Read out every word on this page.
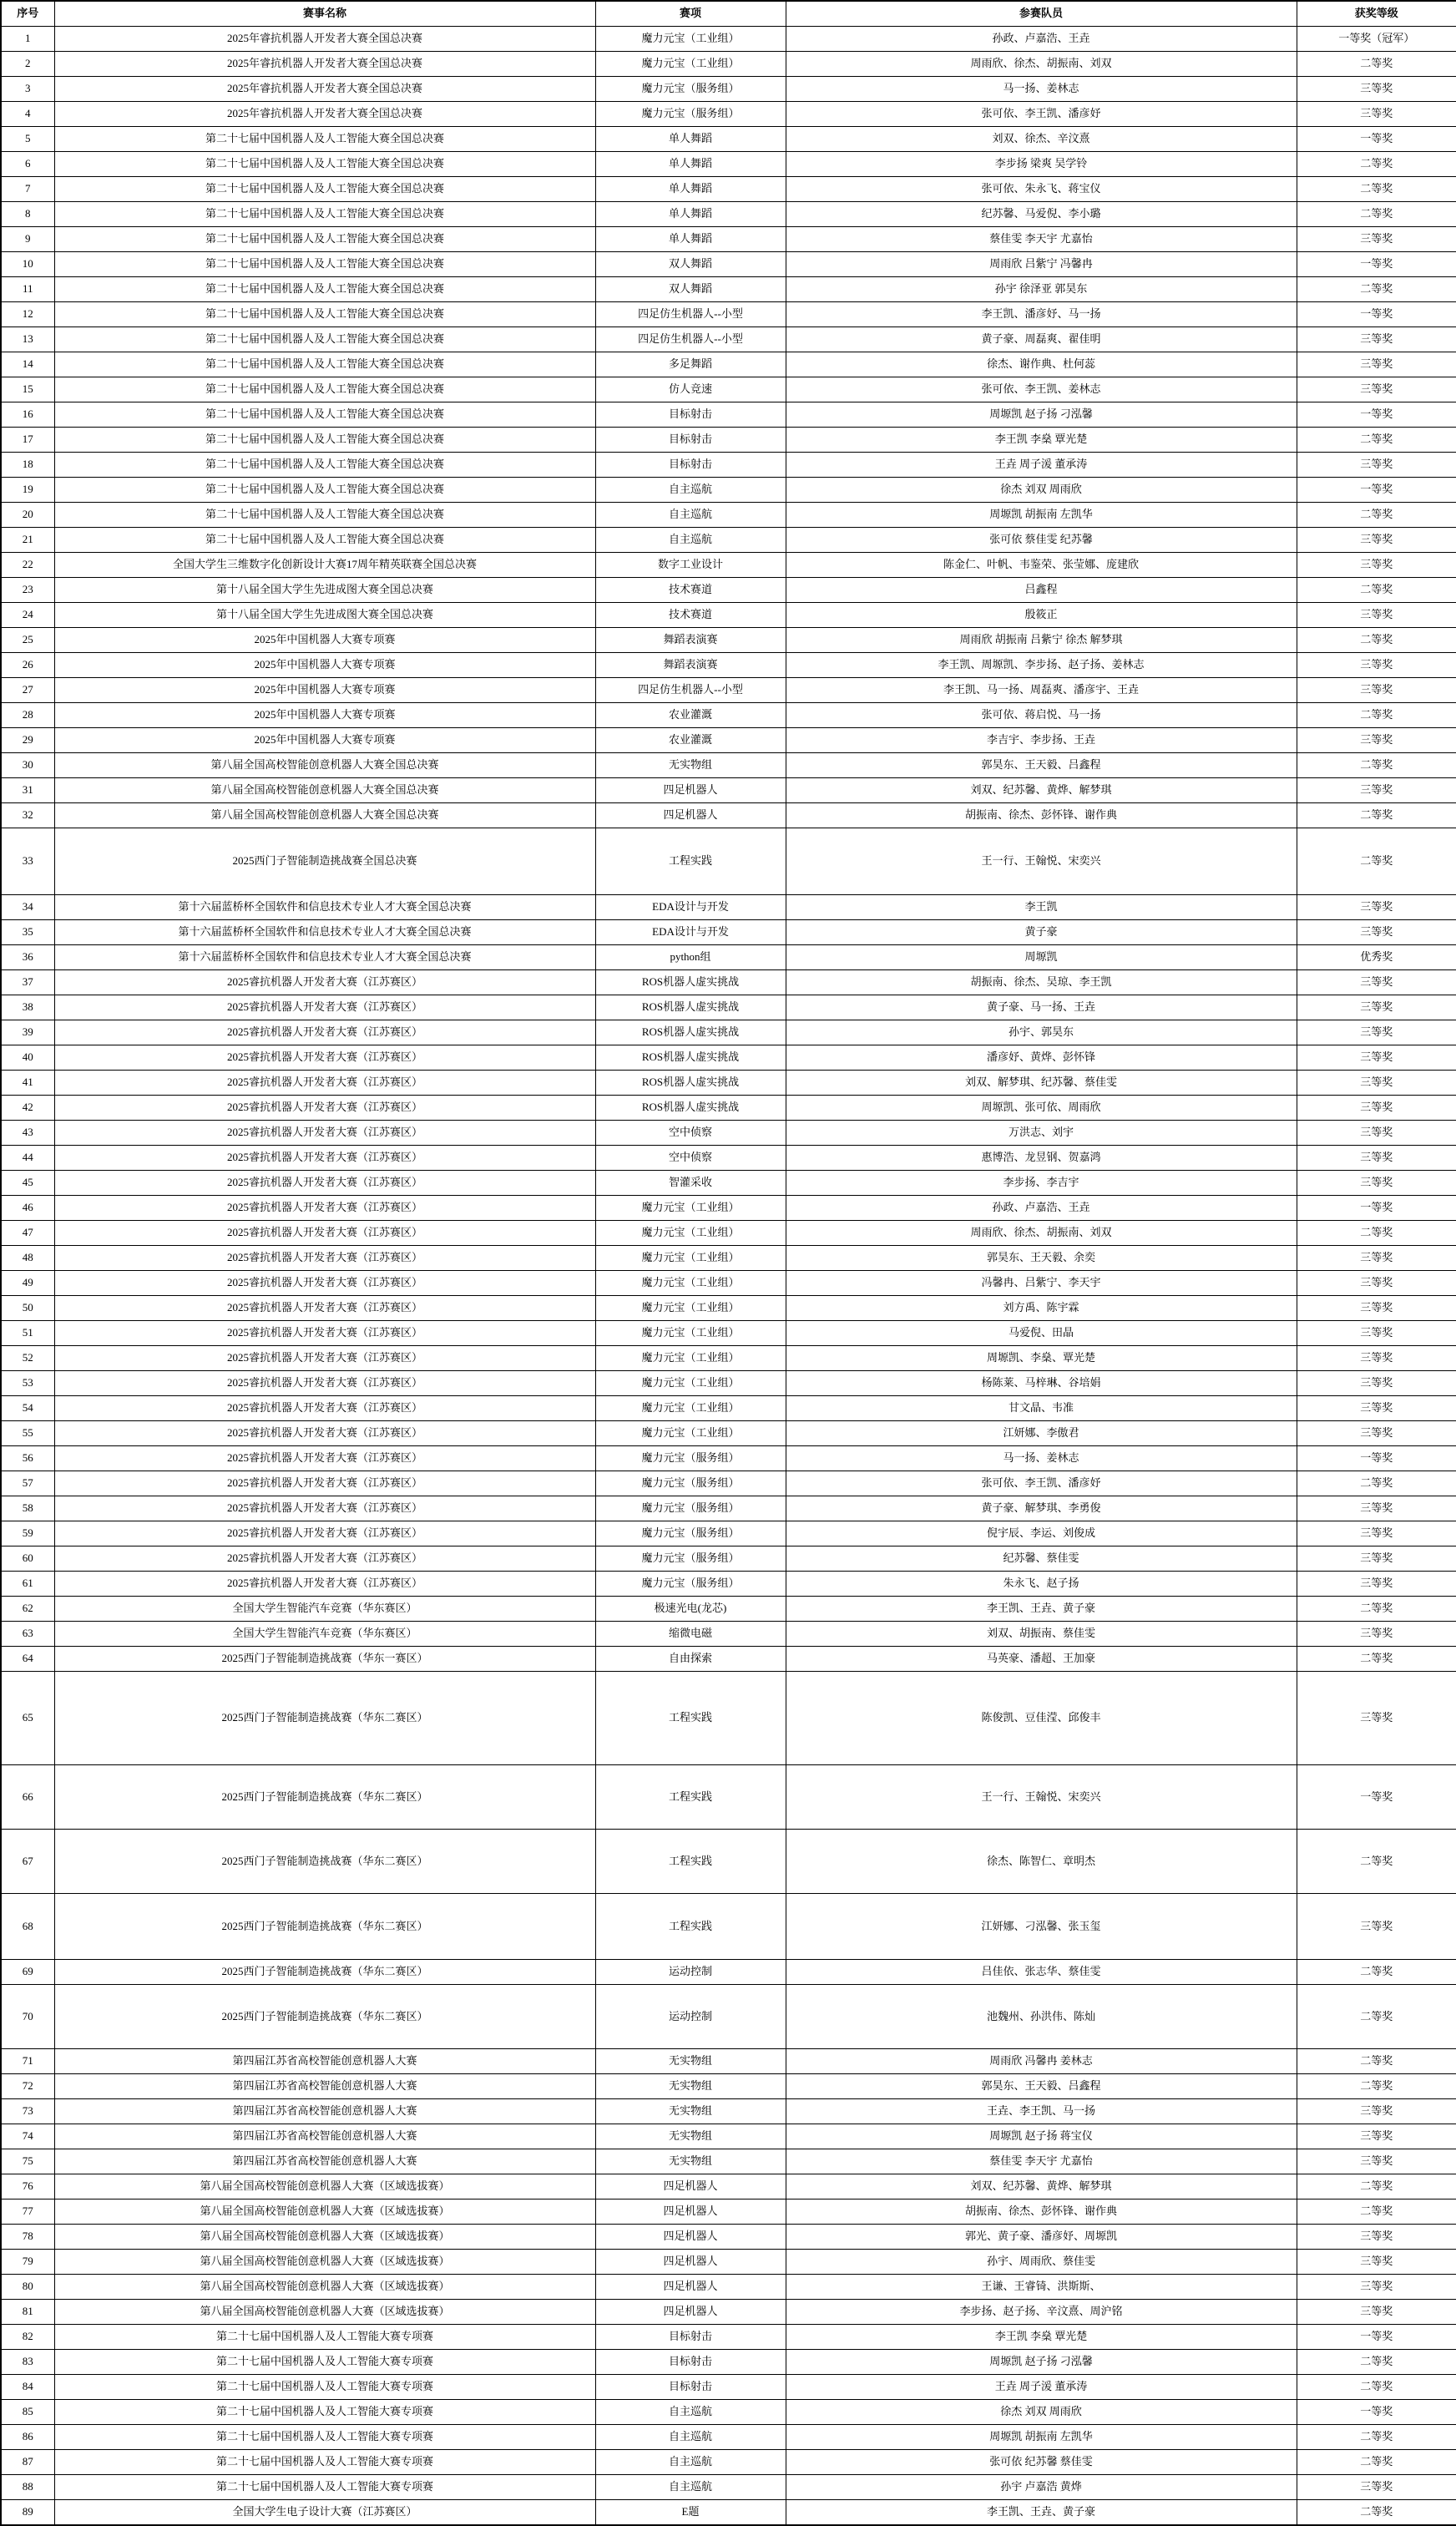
序号	赛事名称	赛项	参赛队员	获奖等级
1	2025年睿抗机器人开发者大赛全国总决赛	魔力元宝（工业组）	孙政、卢嘉浩、王垚	一等奖（冠军）
2	2025年睿抗机器人开发者大赛全国总决赛	魔力元宝（工业组）	周雨欣、徐杰、胡振南、刘双	二等奖
3	2025年睿抗机器人开发者大赛全国总决赛	魔力元宝（服务组）	马一扬、姜林志	三等奖
4	2025年睿抗机器人开发者大赛全国总决赛	魔力元宝（服务组）	张可依、李王凯、潘彦妤	三等奖
5	第二十七届中国机器人及人工智能大赛全国总决赛	单人舞蹈	刘双、徐杰、辛汶熹	一等奖
6	第二十七届中国机器人及人工智能大赛全国总决赛	单人舞蹈	李步扬 梁爽 吴学铃	二等奖
7	第二十七届中国机器人及人工智能大赛全国总决赛	单人舞蹈	张可依、朱永飞、蒋宝仪	二等奖
8	第二十七届中国机器人及人工智能大赛全国总决赛	单人舞蹈	纪苏馨、马爱倪、李小璐	二等奖
9	第二十七届中国机器人及人工智能大赛全国总决赛	单人舞蹈	蔡佳雯 李天宇 尤嘉怡	三等奖
10	第二十七届中国机器人及人工智能大赛全国总决赛	双人舞蹈	周雨欣 吕紫宁 冯馨冉	一等奖
11	第二十七届中国机器人及人工智能大赛全国总决赛	双人舞蹈	孙宇 徐泽亚 郭昊东	二等奖
12	第二十七届中国机器人及人工智能大赛全国总决赛	四足仿生机器人--小型	李王凯、潘彦妤、马一扬	一等奖
13	第二十七届中国机器人及人工智能大赛全国总决赛	四足仿生机器人--小型	黄子豪、周磊爽、翟佳明	三等奖
14	第二十七届中国机器人及人工智能大赛全国总决赛	多足舞蹈	徐杰、谢作典、杜何蕊	三等奖
15	第二十七届中国机器人及人工智能大赛全国总决赛	仿人竞速	张可依、李王凯、姜林志	三等奖
16	第二十七届中国机器人及人工智能大赛全国总决赛	目标射击	周塬凯 赵子扬 刁泓馨	一等奖
17	第二十七届中国机器人及人工智能大赛全国总决赛	目标射击	李王凯 李燊 覃光楚	二等奖
18	第二十七届中国机器人及人工智能大赛全国总决赛	目标射击	王垚 周子湲 董承涛	三等奖
19	第二十七届中国机器人及人工智能大赛全国总决赛	自主巡航	徐杰 刘双 周雨欣	一等奖
20	第二十七届中国机器人及人工智能大赛全国总决赛	自主巡航	周塬凯 胡振南 左凯华	二等奖
21	第二十七届中国机器人及人工智能大赛全国总决赛	自主巡航	张可依 蔡佳雯 纪苏馨	三等奖
22	全国大学生三维数字化创新设计大赛17周年精英联赛全国总决赛	数字工业设计	陈金仁、叶帆、韦鉴荣、张莹娜、庞建欣	三等奖
23	第十八届全国大学生先进成图大赛全国总决赛	技术赛道	吕鑫程	二等奖
24	第十八届全国大学生先进成图大赛全国总决赛	技术赛道	殷筱正	三等奖
25	2025年中国机器人大赛专项赛	舞蹈表演赛	周雨欣 胡振南 吕紫宁 徐杰 解梦琪	二等奖
26	2025年中国机器人大赛专项赛	舞蹈表演赛	李王凯、周塬凯、李步扬、赵子扬、姜林志	三等奖
27	2025年中国机器人大赛专项赛	四足仿生机器人--小型	李王凯、马一扬、周磊爽、潘彦宇、王垚	三等奖
28	2025年中国机器人大赛专项赛	农业灌溉	张可依、蒋启悦、马一扬	二等奖
29	2025年中国机器人大赛专项赛	农业灌溉	李吉宇、李步扬、王垚	三等奖
30	第八届全国高校智能创意机器人大赛全国总决赛	无实物组	郭昊东、王天毅、吕鑫程	二等奖
31	第八届全国高校智能创意机器人大赛全国总决赛	四足机器人	刘双、纪苏馨、黄烨、解梦琪	三等奖
32	第八届全国高校智能创意机器人大赛全国总决赛	四足机器人	胡振南、徐杰、彭怀锋、谢作典	二等奖
33	2025西门子智能制造挑战赛全国总决赛	工程实践	王一行、王翰悦、宋奕兴	二等奖
34	第十六届蓝桥杯全国软件和信息技术专业人才大赛全国总决赛	EDA设计与开发	李王凯	三等奖
35	第十六届蓝桥杯全国软件和信息技术专业人才大赛全国总决赛	EDA设计与开发	黄子豪	三等奖
36	第十六届蓝桥杯全国软件和信息技术专业人才大赛全国总决赛	python组	周塬凯	优秀奖
37	2025睿抗机器人开发者大赛（江苏赛区）	ROS机器人虚实挑战	胡振南、徐杰、吴琼、李王凯	三等奖
38	2025睿抗机器人开发者大赛（江苏赛区）	ROS机器人虚实挑战	黄子豪、马一扬、王垚	三等奖
39	2025睿抗机器人开发者大赛（江苏赛区）	ROS机器人虚实挑战	孙宇、郭昊东	三等奖
40	2025睿抗机器人开发者大赛（江苏赛区）	ROS机器人虚实挑战	潘彦妤、黄烨、彭怀锋	三等奖
41	2025睿抗机器人开发者大赛（江苏赛区）	ROS机器人虚实挑战	刘双、解梦琪、纪苏馨、蔡佳雯	三等奖
42	2025睿抗机器人开发者大赛（江苏赛区）	ROS机器人虚实挑战	周塬凯、张可依、周雨欣	三等奖
43	2025睿抗机器人开发者大赛（江苏赛区）	空中侦察	万洪志、刘宇	三等奖
44	2025睿抗机器人开发者大赛（江苏赛区）	空中侦察	惠博浩、龙昱钢、贺嘉鸿	三等奖
45	2025睿抗机器人开发者大赛（江苏赛区）	智灌采收	李步扬、李吉宇	三等奖
46	2025睿抗机器人开发者大赛（江苏赛区）	魔力元宝（工业组）	孙政、卢嘉浩、王垚	一等奖
47	2025睿抗机器人开发者大赛（江苏赛区）	魔力元宝（工业组）	周雨欣、徐杰、胡振南、刘双	二等奖
48	2025睿抗机器人开发者大赛（江苏赛区）	魔力元宝（工业组）	郭昊东、王天毅、余奕	三等奖
49	2025睿抗机器人开发者大赛（江苏赛区）	魔力元宝（工业组）	冯馨冉、吕紫宁、李天宇	三等奖
50	2025睿抗机器人开发者大赛（江苏赛区）	魔力元宝（工业组）	刘方禹、陈宇霖	三等奖
51	2025睿抗机器人开发者大赛（江苏赛区）	魔力元宝（工业组）	马爱倪、田晶	三等奖
52	2025睿抗机器人开发者大赛（江苏赛区）	魔力元宝（工业组）	周塬凯、李燊、覃光楚	三等奖
53	2025睿抗机器人开发者大赛（江苏赛区）	魔力元宝（工业组）	杨陈莱、马梓琳、谷培娟	三等奖
54	2025睿抗机器人开发者大赛（江苏赛区）	魔力元宝（工业组）	甘文晶、韦准	三等奖
55	2025睿抗机器人开发者大赛（江苏赛区）	魔力元宝（工业组）	江妍娜、李傲君	三等奖
56	2025睿抗机器人开发者大赛（江苏赛区）	魔力元宝（服务组）	马一扬、姜林志	一等奖
57	2025睿抗机器人开发者大赛（江苏赛区）	魔力元宝（服务组）	张可依、李王凯、潘彦妤	二等奖
58	2025睿抗机器人开发者大赛（江苏赛区）	魔力元宝（服务组）	黄子豪、解梦琪、李勇俊	三等奖
59	2025睿抗机器人开发者大赛（江苏赛区）	魔力元宝（服务组）	倪宇辰、李运、刘俊成	三等奖
60	2025睿抗机器人开发者大赛（江苏赛区）	魔力元宝（服务组）	纪苏馨、蔡佳雯	三等奖
61	2025睿抗机器人开发者大赛（江苏赛区）	魔力元宝（服务组）	朱永飞、赵子扬	三等奖
62	全国大学生智能汽车竞赛（华东赛区）	极速光电(龙芯)	李王凯、王垚、黄子豪	二等奖
63	全国大学生智能汽车竞赛（华东赛区）	缩微电磁	刘双、胡振南、蔡佳雯	三等奖
64	2025西门子智能制造挑战赛（华东一赛区）	自由探索	马英豪、潘超、王加豪	二等奖
65	2025西门子智能制造挑战赛（华东二赛区）	工程实践	陈俊凯、豆佳滢、邱俊丰	三等奖
66	2025西门子智能制造挑战赛（华东二赛区）	工程实践	王一行、王翰悦、宋奕兴	一等奖
67	2025西门子智能制造挑战赛（华东二赛区）	工程实践	徐杰、陈智仁、章明杰	二等奖
68	2025西门子智能制造挑战赛（华东二赛区）	工程实践	江妍娜、刁泓馨、张玉玺	三等奖
69	2025西门子智能制造挑战赛（华东二赛区）	运动控制	吕佳依、张志华、蔡佳雯	二等奖
70	2025西门子智能制造挑战赛（华东二赛区）	运动控制	池魏州、孙洪伟、陈灿	二等奖
71	第四届江苏省高校智能创意机器人大赛	无实物组	周雨欣 冯馨冉 姜林志	二等奖
72	第四届江苏省高校智能创意机器人大赛	无实物组	郭昊东、王天毅、吕鑫程	二等奖
73	第四届江苏省高校智能创意机器人大赛	无实物组	王垚、李王凯、马一扬	三等奖
74	第四届江苏省高校智能创意机器人大赛	无实物组	周塬凯 赵子扬 蒋宝仪	三等奖
75	第四届江苏省高校智能创意机器人大赛	无实物组	蔡佳雯 李天宇 尤嘉怡	三等奖
76	第八届全国高校智能创意机器人大赛（区域选拔赛）	四足机器人	刘双、纪苏馨、黄烨、解梦琪	二等奖
77	第八届全国高校智能创意机器人大赛（区域选拔赛）	四足机器人	胡振南、徐杰、彭怀锋、谢作典	二等奖
78	第八届全国高校智能创意机器人大赛（区域选拔赛）	四足机器人	郭光、黄子豪、潘彦妤、周塬凯	三等奖
79	第八届全国高校智能创意机器人大赛（区域选拔赛）	四足机器人	孙宇、周雨欣、蔡佳雯	三等奖
80	第八届全国高校智能创意机器人大赛（区域选拔赛）	四足机器人	王谦、王睿锜、洪斯斯、	三等奖
81	第八届全国高校智能创意机器人大赛（区域选拔赛）	四足机器人	李步扬、赵子扬、辛汶熹、周沪铭	三等奖
82	第二十七届中国机器人及人工智能大赛专项赛	目标射击	李王凯 李燊 覃光楚	一等奖
83	第二十七届中国机器人及人工智能大赛专项赛	目标射击	周塬凯 赵子扬 刁泓馨	二等奖
84	第二十七届中国机器人及人工智能大赛专项赛	目标射击	王垚 周子湲 董承涛	二等奖
85	第二十七届中国机器人及人工智能大赛专项赛	自主巡航	徐杰 刘双 周雨欣	一等奖
86	第二十七届中国机器人及人工智能大赛专项赛	自主巡航	周塬凯 胡振南 左凯华	二等奖
87	第二十七届中国机器人及人工智能大赛专项赛	自主巡航	张可依 纪苏馨 蔡佳雯	二等奖
88	第二十七届中国机器人及人工智能大赛专项赛	自主巡航	孙宇 卢嘉浩 黄烨	三等奖
89	全国大学生电子设计大赛（江苏赛区）	E题	李王凯、王垚、黄子豪	二等奖
